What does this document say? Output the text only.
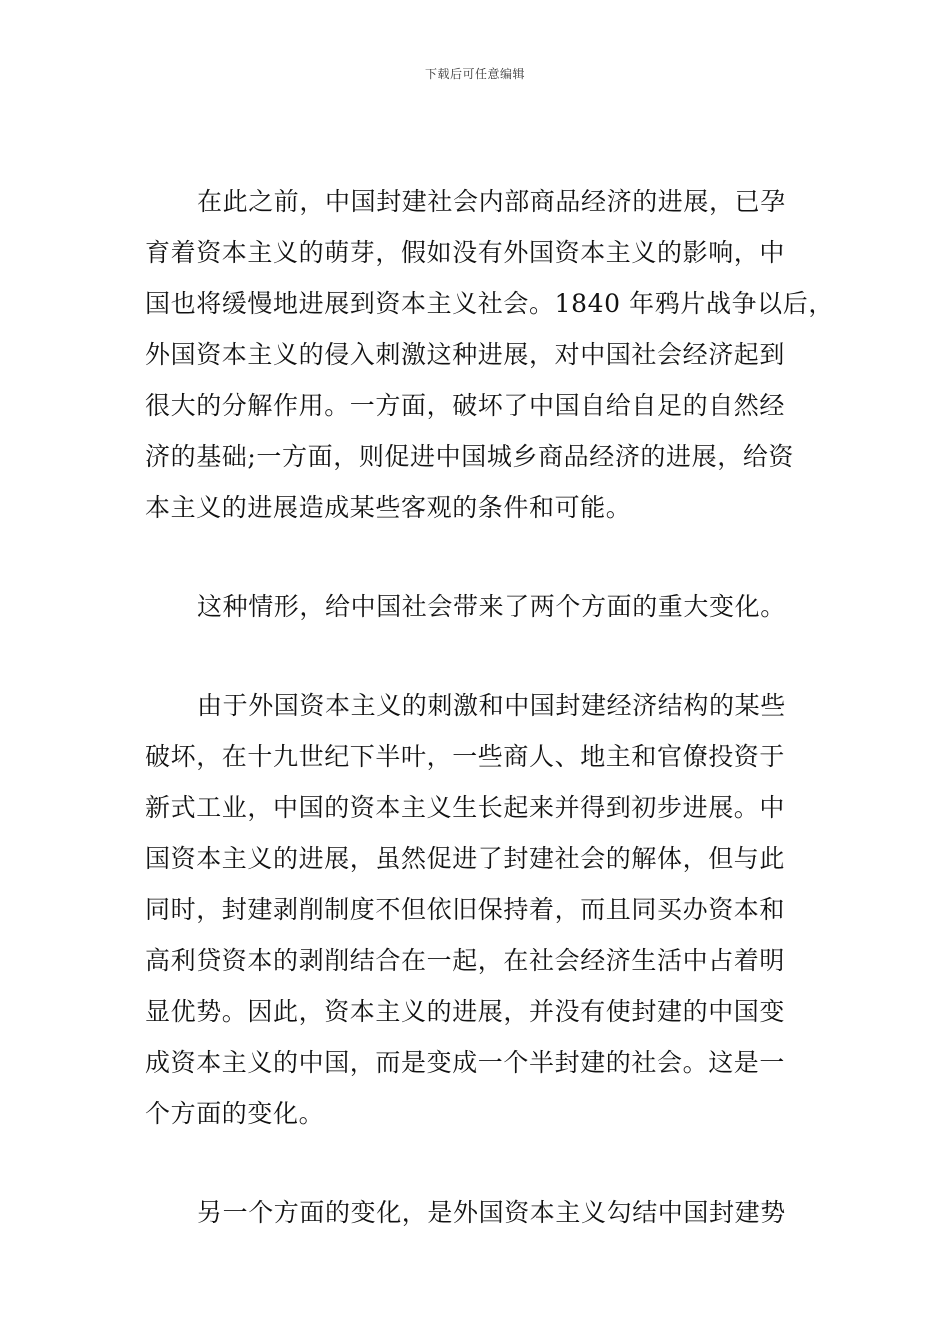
下载后可任意编辑
在此之前，中国封建社会内部商品经济的进展，已孕
育着资本主义的萌芽，假如没有外国资本主义的影响，中
国也将缓慢地进展到资本主义社会。1840 年鸦片战争以后，
外国资本主义的侵入刺激这种进展，对中国社会经济起到
很大的分解作用。一方面，破坏了中国自给自足的自然经
济的基础;一方面，则促进中国城乡商品经济的进展，给资
本主义的进展造成某些客观的条件和可能。
这种情形，给中国社会带来了两个方面的重大变化。
由于外国资本主义的刺激和中国封建经济结构的某些
破坏，在十九世纪下半叶，一些商人、地主和官僚投资于
新式工业，中国的资本主义生长起来并得到初步进展。中
国资本主义的进展，虽然促进了封建社会的解体，但与此
同时，封建剥削制度不但依旧保持着，而且同买办资本和
高利贷资本的剥削结合在一起，在社会经济生活中占着明
显优势。因此，资本主义的进展，并没有使封建的中国变
成资本主义的中国，而是变成一个半封建的社会。这是一
个方面的变化。
另一个方面的变化，是外国资本主义勾结中国封建势
